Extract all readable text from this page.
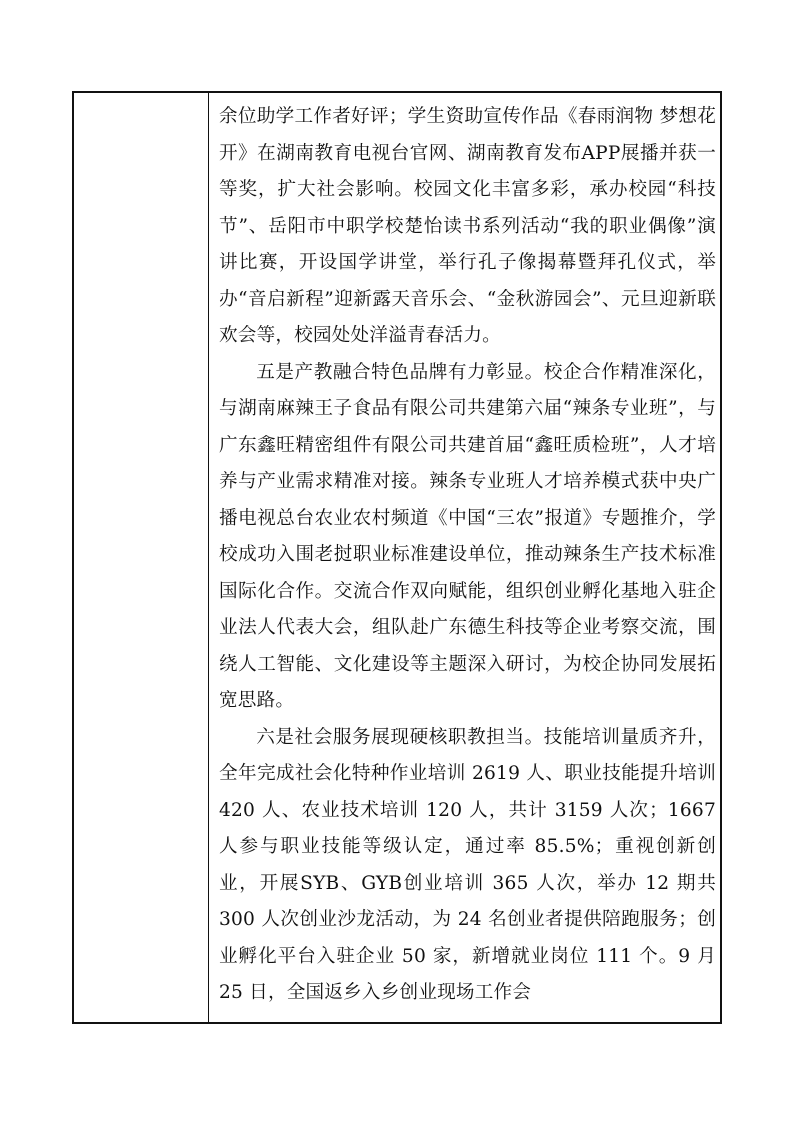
余位助学工作者好评；学生资助宣传作品《春雨润物 梦想花开》在湖南教育电视台官网、湖南教育发布APP展播并获一等奖，扩大社会影响。校园文化丰富多彩，承办校园“科技节”、岳阳市中职学校楚怡读书系列活动“我的职业偶像”演讲比赛，开设国学讲堂，举行孔子像揭幕暨拜孔仪式，举办“音启新程”迎新露天音乐会、“金秋游园会”、元旦迎新联欢会等，校园处处洋溢青春活力。

五是产教融合特色品牌有力彰显。校企合作精准深化，与湖南麻辣王子食品有限公司共建第六届“辣条专业班”，与广东鑫旺精密组件有限公司共建首届“鑫旺质检班”，人才培养与产业需求精准对接。辣条专业班人才培养模式获中央广播电视总台农业农村频道《中国“三农”报道》专题推介，学校成功入围老挝职业标准建设单位，推动辣条生产技术标准国际化合作。交流合作双向赋能，组织创业孵化基地入驻企业法人代表大会，组队赴广东德生科技等企业考察交流，围绕人工智能、文化建设等主题深入研讨，为校企协同发展拓宽思路。

六是社会服务展现硬核职教担当。技能培训量质齐升，全年完成社会化特种作业培训 2619 人、职业技能提升培训 420 人、农业技术培训 120 人，共计 3159 人次；1667 人参与职业技能等级认定，通过率 85.5%；重视创新创业，开展SYB、GYB创业培训 365 人次，举办 12 期共 300 人次创业沙龙活动，为 24 名创业者提供陪跑服务；创业孵化平台入驻企业 50 家，新增就业岗位 111 个。9 月 25 日，全国返乡入乡创业现场工作会
